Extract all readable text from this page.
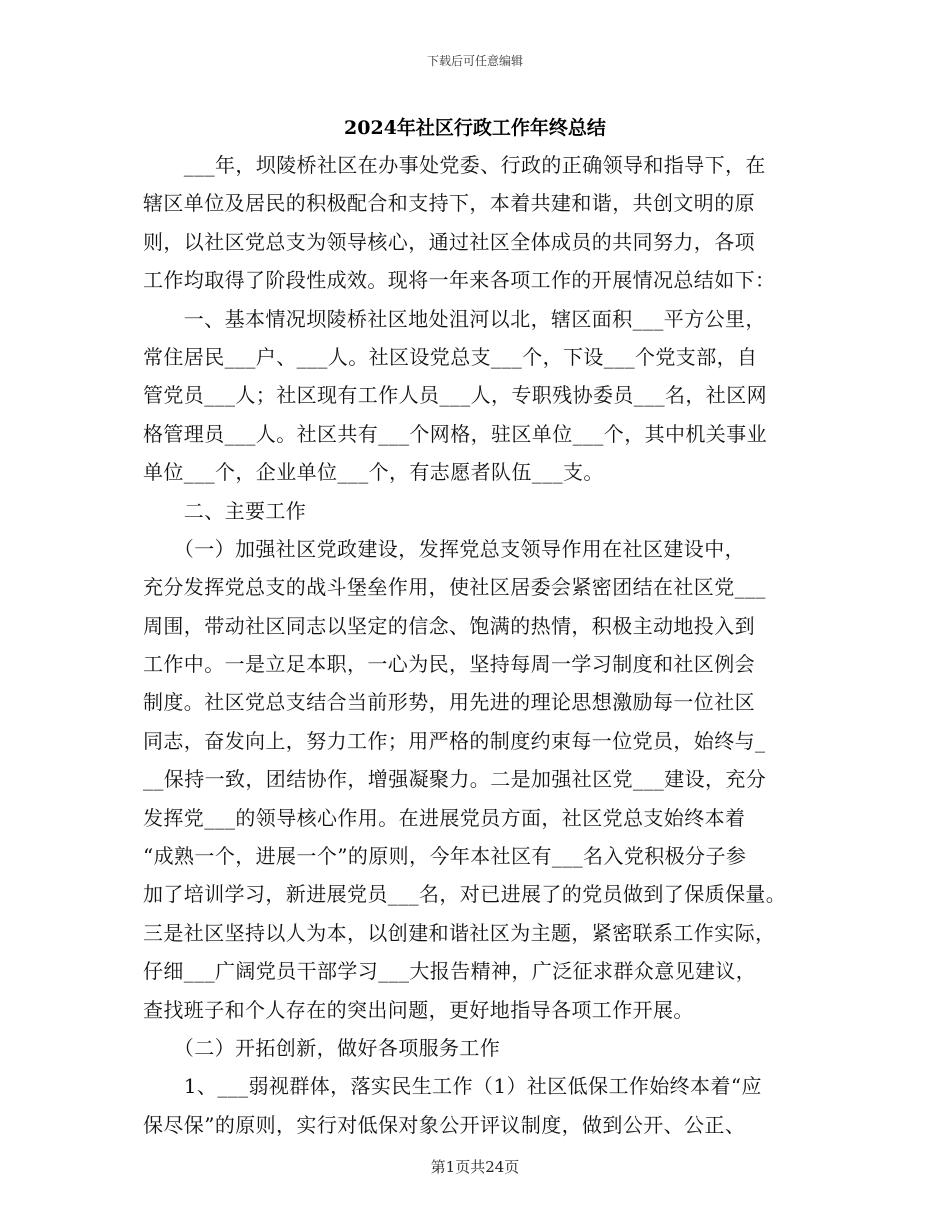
下载后可任意编辑
2024年社区行政工作年终总结
　　___年，坝陵桥社区在办事处党委、行政的正确领导和指导下，在
辖区单位及居民的积极配合和支持下，本着共建和谐，共创文明的原
则，以社区党总支为领导核心，通过社区全体成员的共同努力，各项
工作均取得了阶段性成效。现将一年来各项工作的开展情况总结如下：
　　一、基本情况坝陵桥社区地处沮河以北，辖区面积___平方公里，
常住居民___户、___人。社区设党总支___个，下设___个党支部，自
管党员___人；社区现有工作人员___人，专职残协委员___名，社区网
格管理员___人。社区共有___个网格，驻区单位___个，其中机关事业
单位___个，企业单位___个，有志愿者队伍___支。
　　二、主要工作
　　（一）加强社区党政建设，发挥党总支领导作用在社区建设中，
充分发挥党总支的战斗堡垒作用，使社区居委会紧密团结在社区党___
周围，带动社区同志以坚定的信念、饱满的热情，积极主动地投入到
工作中。一是立足本职，一心为民，坚持每周一学习制度和社区例会
制度。社区党总支结合当前形势，用先进的理论思想激励每一位社区
同志，奋发向上，努力工作；用严格的制度约束每一位党员，始终与_
__保持一致，团结协作，增强凝聚力。二是加强社区党___建设，充分
发挥党___的领导核心作用。在进展党员方面，社区党总支始终本着
“成熟一个，进展一个”的原则，今年本社区有___名入党积极分子参
加了培训学习，新进展党员___名，对已进展了的党员做到了保质保量。
三是社区坚持以人为本，以创建和谐社区为主题，紧密联系工作实际，
仔细___广阔党员干部学习___大报告精神，广泛征求群众意见建议，
查找班子和个人存在的突出问题，更好地指导各项工作开展。
　　（二）开拓创新，做好各项服务工作
　　1、___弱视群体，落实民生工作（1）社区低保工作始终本着“应
保尽保”的原则，实行对低保对象公开评议制度，做到公开、公正、
第1页共24页
